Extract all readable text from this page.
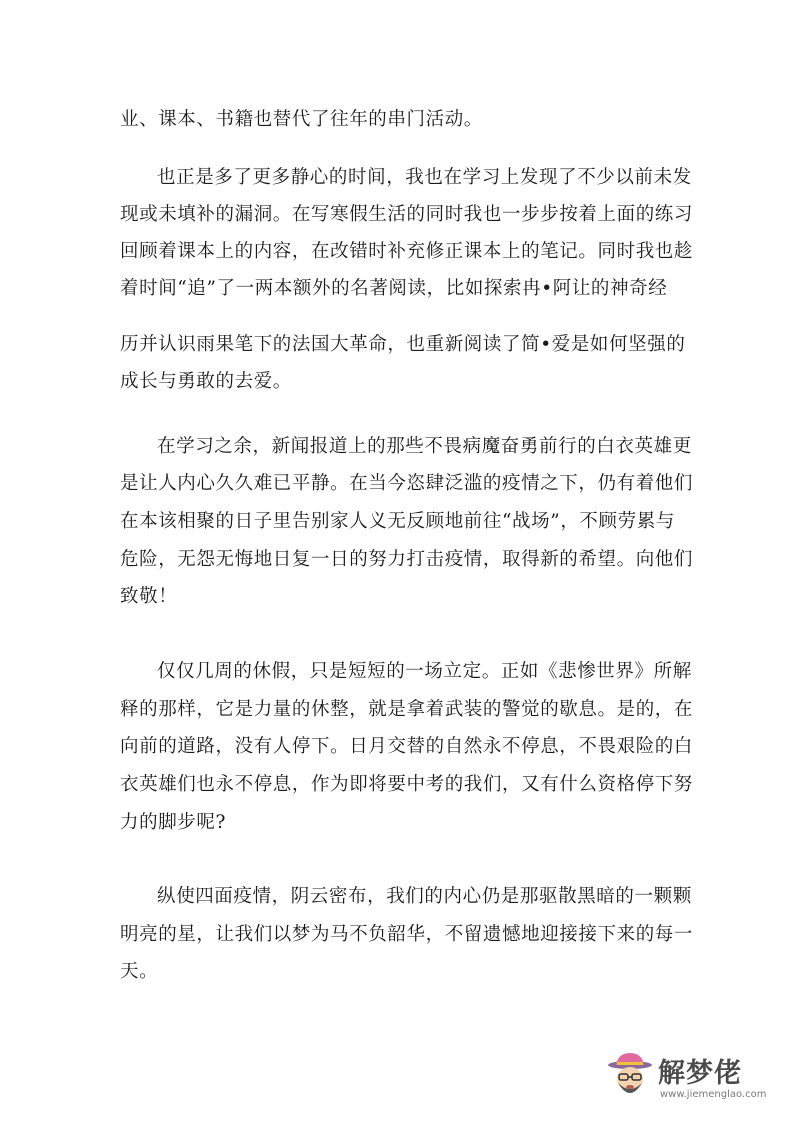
业、课本、书籍也替代了往年的串门活动。
也正是多了更多静心的时间，我也在学习上发现了不少以前未发
现或未填补的漏洞。在写寒假生活的同时我也一步步按着上面的练习
回顾着课本上的内容，在改错时补充修正课本上的笔记。同时我也趁
着时间“追”了一两本额外的名著阅读，比如探索冉•阿让的神奇经
历并认识雨果笔下的法国大革命，也重新阅读了简•爱是如何坚强的
成长与勇敢的去爱。
在学习之余，新闻报道上的那些不畏病魔奋勇前行的白衣英雄更
是让人内心久久难已平静。在当今恣肆泛滥的疫情之下，仍有着他们
在本该相聚的日子里告别家人义无反顾地前往“战场”，不顾劳累与
危险，无怨无悔地日复一日的努力打击疫情，取得新的希望。向他们
致敬！
仅仅几周的休假，只是短短的一场立定。正如《悲惨世界》所解
释的那样，它是力量的休整，就是拿着武装的警觉的歇息。是的，在
向前的道路，没有人停下。日月交替的自然永不停息，不畏艰险的白
衣英雄们也永不停息，作为即将要中考的我们，又有什么资格停下努
力的脚步呢?
纵使四面疫情，阴云密布，我们的内心仍是那驱散黑暗的一颗颗
明亮的星，让我们以梦为马不负韶华，不留遗憾地迎接接下来的每一
天。
解梦佬
www.jiemenglao.com
